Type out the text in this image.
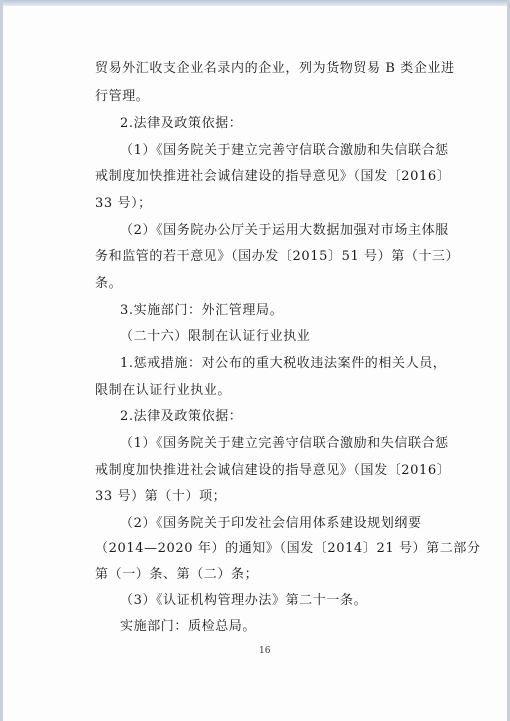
贸易外汇收支企业名录内的企业，列为货物贸易 B 类企业进
行管理。
2.法律及政策依据：
（1）《国务院关于建立完善守信联合激励和失信联合惩
戒制度加快推进社会诚信建设的指导意见》（国发〔2016〕
33 号）；
（2）《国务院办公厅关于运用大数据加强对市场主体服
务和监管的若干意见》（国办发〔2015〕51 号）第（十三）
条。
3.实施部门：外汇管理局。
（二十六）限制在认证行业执业
1.惩戒措施：对公布的重大税收违法案件的相关人员，
限制在认证行业执业。
2.法律及政策依据：
（1）《国务院关于建立完善守信联合激励和失信联合惩
戒制度加快推进社会诚信建设的指导意见》（国发〔2016〕
33 号）第（十）项；
（2）《国务院关于印发社会信用体系建设规划纲要
（2014—2020 年）的通知》（国发〔2014〕21 号）第二部分
第（一）条、第（二）条；
（3）《认证机构管理办法》第二十一条。
实施部门：质检总局。
16
